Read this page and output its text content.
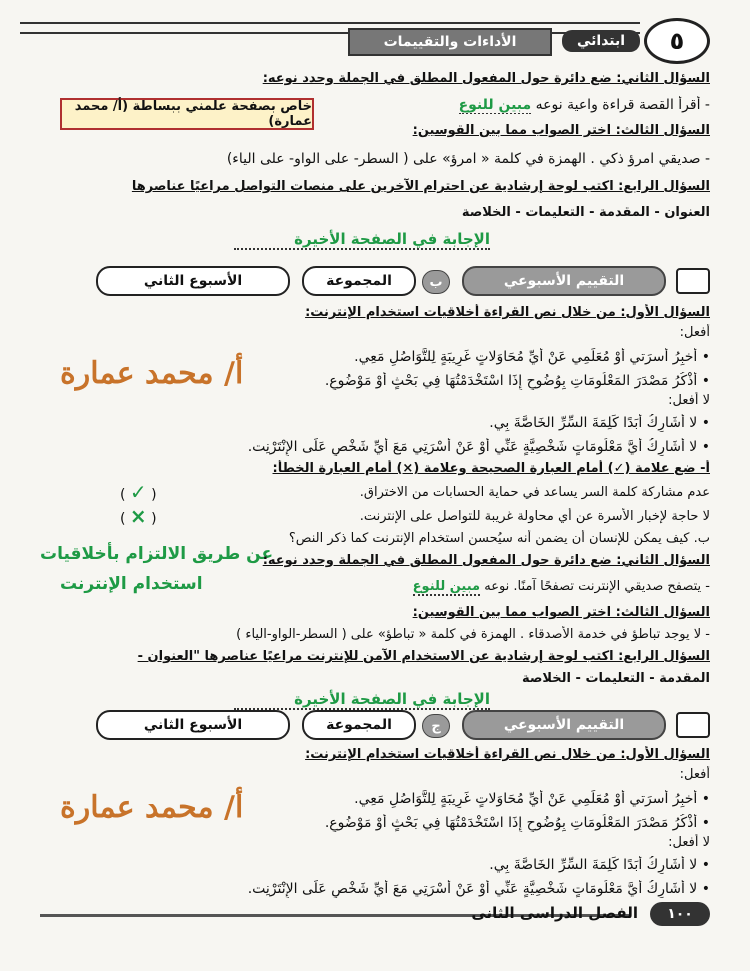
٥
ابتدائي
الأداءات والتقييمات
السؤال الثاني: ضع دائرة حول المفعول المطلق في الجملة وحدد نوعه:
- أقرأ القصة قراءة واعية نوعه مبين للنوع
خاص بصفحة علمني ببساطة (أ/ محمد عمارة)
السؤال الثالث: اختر الصواب مما بين القوسين:
- صديقي امرؤ ذكي . الهمزة في كلمة « امرؤ» على ( السطر- على الواو- على الياء)
السؤال الرابع: اكتب لوحة إرشادية عن احترام الآخرين على منصات التواصل مراعيًا عناصرها
العنوان - المقدمة - التعليمات - الخلاصة
الإجابة في الصفحة الأخيرة
التقييم الأسبوعي
ب
المجموعة
الأسبوع الثاني
السؤال الأول: من خلال نص القراءة أخلاقيات استخدام الإنترنت:
أفعل:
• أُخبِرُ أُسرَتي أَوْ مُعَلِّمِي عَنْ أَيِّ مُحَاوَلاتٍ غَرِيبَةٍ لِلتَّوَاصُلِ مَعِي.
• أَذْكُرُ مَصْدَرَ المَعْلُومَاتِ بِوُضُوحٍ إِذَا اسْتَخْدَمْتُهَا فِي بَحْثٍ أَوْ مَوْضُوعٍ.
لا أفعل:
• لا أُشَارِكُ أَبَدًا كَلِمَةَ السِّرِّ الخَاصَّةَ بِي.
• لا أُشَارِكُ أَيَّ مَعْلُومَاتٍ شَخْصِيَّةٍ عَنِّي أَوْ عَنْ أُسْرَتِي مَعَ أَيِّ شَخْصٍ عَلَى الإِنْتَرْنِت.
أ/ محمد عمارة
أ- ضع علامة (✓) أمام العبارة الصحيحة وعلامة (×) أمام العبارة الخطأ:
عدم مشاركة كلمة السر يساعد في حماية الحسابات من الاختراق.
( ✓ )
لا حاجة لإخبار الأسرة عن أي محاولة غريبة للتواصل على الإنترنت.
( × )
ب. كيف يمكن للإنسان أن يضمن أنه سيُحسن استخدام الإنترنت كما ذكر النص؟
عن طريق الالتزام بأخلاقيات
استخدام الإنترنت
السؤال الثاني: ضع دائرة حول المفعول المطلق في الجملة وحدد نوعه:
- يتصفح صديقي الإنترنت تصفحًا آمنًا. نوعه مبين للنوع
السؤال الثالث: اختر الصواب مما بين القوسين:
- لا يوجد تباطؤ في خدمة الأصدقاء . الهمزة في كلمة « تباطؤ» على ( السطر-الواو-الياء )
السؤال الرابع: اكتب لوحة إرشادية عن الاستخدام الآمن للإنترنت مراعيًا عناصرها "العنوان -
المقدمة - التعليمات - الخلاصة
الإجابة في الصفحة الأخيرة
التقييم الأسبوعي
ج
المجموعة
الأسبوع الثاني
السؤال الأول: من خلال نص القراءة أخلاقيات استخدام الإنترنت:
أفعل:
• أُخبِرُ أُسرَتي أَوْ مُعَلِّمِي عَنْ أَيِّ مُحَاوَلاتٍ غَرِيبَةٍ لِلتَّوَاصُلِ مَعِي.
• أَذْكُرُ مَصْدَرَ المَعْلُومَاتِ بِوُضُوحٍ إِذَا اسْتَخْدَمْتُهَا فِي بَحْثٍ أَوْ مَوْضُوعٍ.
لا أفعل:
• لا أُشَارِكُ أَبَدًا كَلِمَةَ السِّرِّ الخَاصَّةَ بِي.
• لا أُشَارِكُ أَيَّ مَعْلُومَاتٍ شَخْصِيَّةٍ عَنِّي أَوْ عَنْ أُسْرَتِي مَعَ أَيِّ شَخْصٍ عَلَى الإِنْتَرْنِت.
أ/ محمد عمارة
١٠٠
الفصل الدراسى الثانى
